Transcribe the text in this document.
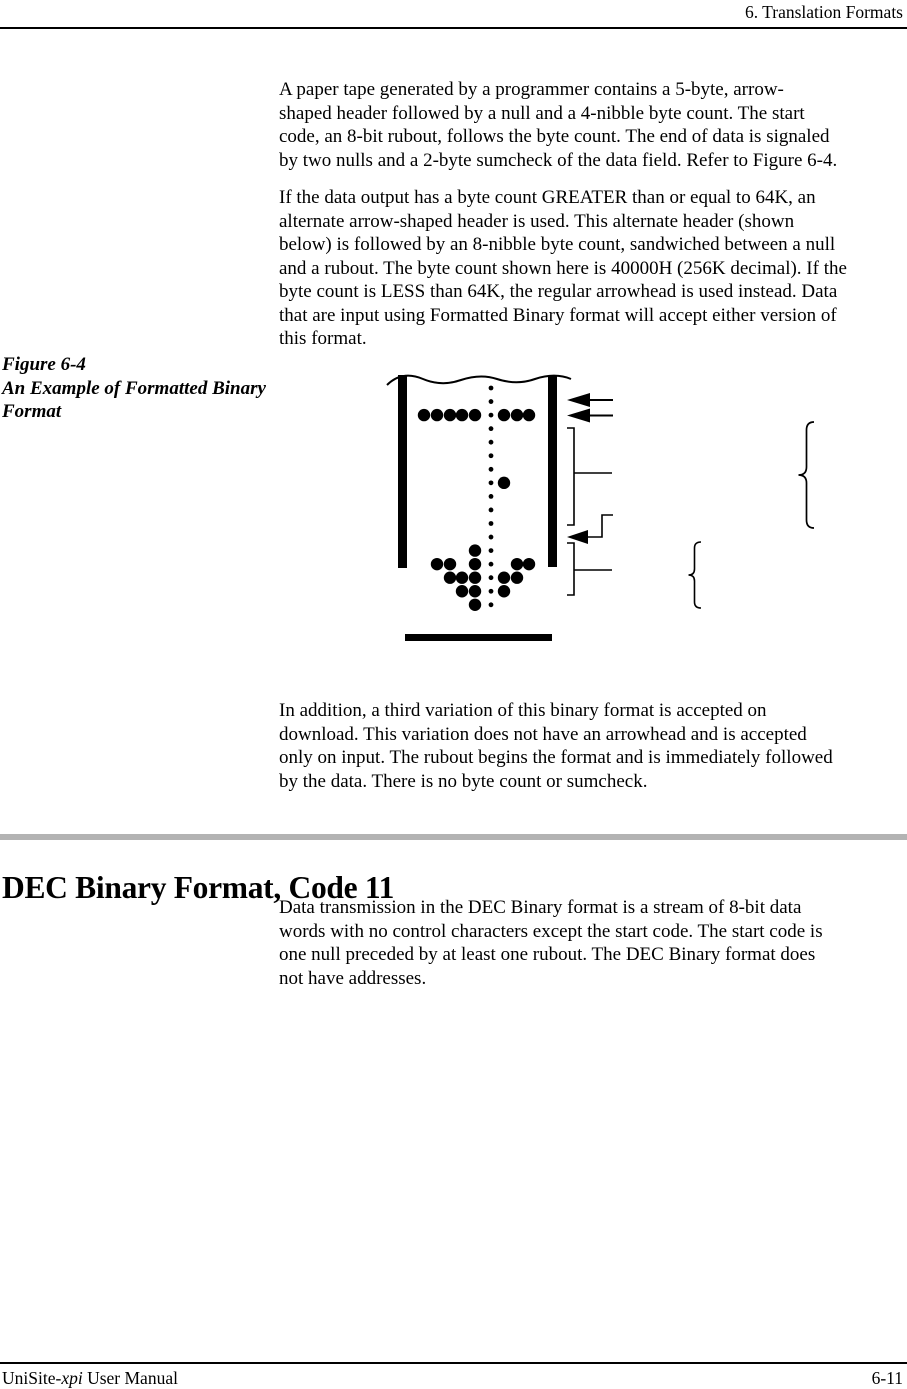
6. Translation Formats
A paper tape generated by a programmer contains a 5-byte, arrow-
shaped header followed by a null and a 4-nibble byte count. The start
code, an 8-bit rubout, follows the byte count. The end of data is signaled
by two nulls and a 2-byte sumcheck of the data field. Refer to Figure 6-4.
If the data output has a byte count GREATER than or equal to 64K, an
alternate arrow-shaped header is used. This alternate header (shown
below) is followed by an 8-nibble byte count, sandwiched between a null
and a rubout. The byte count shown here is 40000H (256K decimal). If the
byte count is LESS than 64K, the regular arrowhead is used instead. Data
that are input using Formatted Binary format will accept either version of
this format.
Figure 6-4
An Example of Formatted Binary
Format
In addition, a third variation of this binary format is accepted on
download. This variation does not have an arrowhead and is accepted
only on input. The rubout begins the format and is immediately followed
by the data. There is no byte count or sumcheck.
DEC Binary Format, Code 11
Data transmission in the DEC Binary format is a stream of 8-bit data
words with no control characters except the start code. The start code is
one null preceded by at least one rubout. The DEC Binary format does
not have addresses.
UniSite-xpi User Manual	6-11
